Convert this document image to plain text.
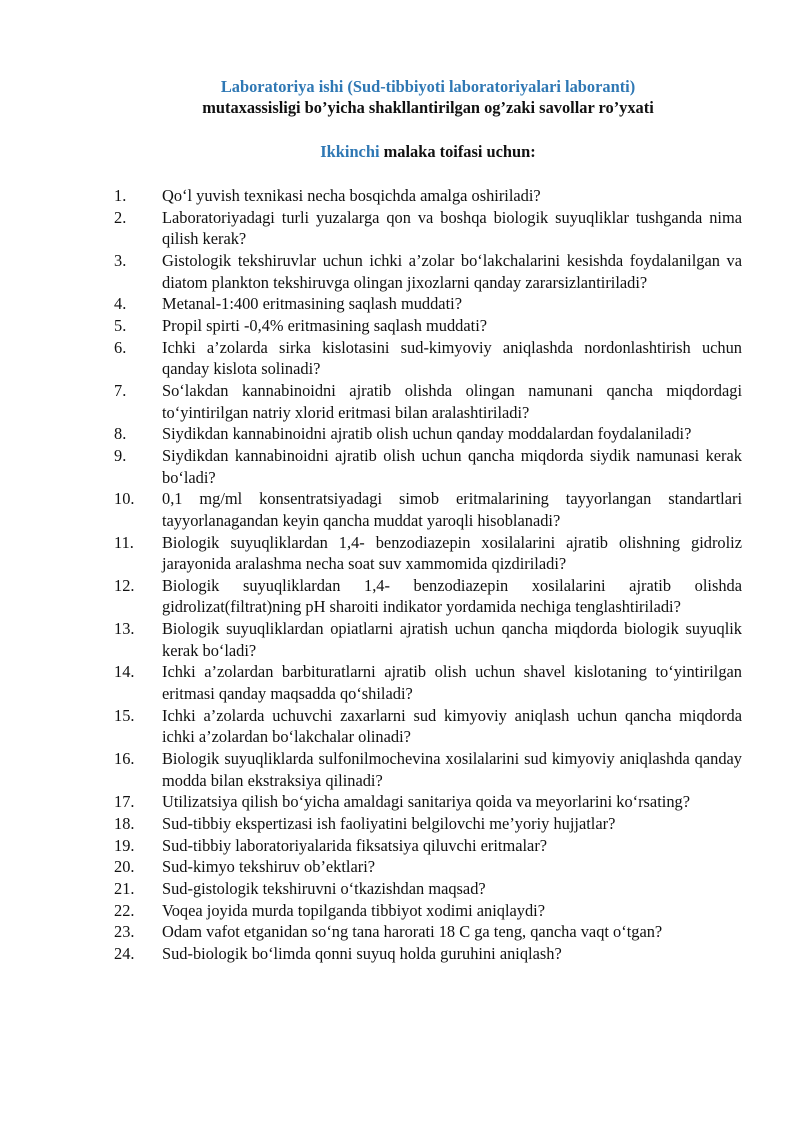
Laboratoriya ishi (Sud-tibbiyoti laboratoriyalari laboranti)

mutaxassisligi bo’yicha shakllantirilgan og’zaki savollar ro’yxati

Ikkinchi malaka toifasi uchun:
1. Qo‘l yuvish texnikasi necha bosqichda amalga oshiriladi?
2. Laboratoriyadagi turli yuzalarga qon va boshqa biologik suyuqliklar tushganda nima qilish kerak?
3. Gistologik tekshiruvlar uchun ichki a’zolar bo‘lakchalarini kesishda foydalanilgan va diatom plankton tekshiruvga olingan jixozlarni qanday zararsizlantiriladi?
4. Metanal-1:400 eritmasining saqlash muddati?
5. Propil spirti -0,4% eritmasining saqlash muddati?
6. Ichki a’zolarda sirka kislotasini sud-kimyoviy aniqlashda nordonlashtirish uchun qanday kislota solinadi?
7. So‘lakdan kannabinoidni ajratib olishda olingan namunani qancha miqdordagi to‘yintirilgan natriy xlorid eritmasi bilan aralashtiriladi?
8. Siydikdan kannabinoidni ajratib olish uchun qanday moddalardan foydalaniladi?
9. Siydikdan kannabinoidni ajratib olish uchun qancha miqdorda siydik namunasi kerak bo‘ladi?
10. 0,1 mg/ml konsentratsiyadagi simob eritmalarining tayyorlangan standartlari tayyorlanagandan keyin qancha muddat yaroqli hisoblanadi?
11. Biologik suyuqliklardan 1,4- benzodiazepin xosilalarini ajratib olishning gidroliz jarayonida aralashma necha soat suv xammomida qizdiriladi?
12. Biologik suyuqliklardan 1,4- benzodiazepin xosilalarini ajratib olishda gidrolizat(filtrat)ning pH sharoiti indikator yordamida nechiga tenglashtiriladi?
13. Biologik suyuqliklardan opiatlarni ajratish uchun qancha miqdorda biologik suyuqlik kerak bo‘ladi?
14. Ichki a’zolardan barbituratlarni ajratib olish uchun shavel kislotaning to‘yintirilgan eritmasi qanday maqsadda qo‘shiladi?
15. Ichki a’zolarda uchuvchi zaxarlarni sud kimyoviy aniqlash uchun qancha miqdorda ichki a’zolardan bo‘lakchalar olinadi?
16. Biologik suyuqliklarda sulfonilmochevina xosilalarini sud kimyoviy aniqlashda qanday modda bilan ekstraksiya qilinadi?
17. Utilizatsiya qilish bo‘yicha amaldagi sanitariya qoida va meyorlarini ko‘rsating?
18. Sud-tibbiy ekspertizasi ish faoliyatini belgilovchi me’yoriy hujjatlar?
19. Sud-tibbiy laboratoriyalarida fiksatsiya qiluvchi eritmalar?
20. Sud-kimyo tekshiruv ob’ektlari?
21. Sud-gistologik tekshiruvni o‘tkazishdan maqsad?
22. Voqea joyida murda topilganda tibbiyot xodimi aniqlaydi?
23. Odam vafot etganidan so‘ng tana harorati 18 C ga teng, qancha vaqt o‘tgan?
24. Sud-biologik bo‘limda qonni suyuq holda guruhini aniqlash?
